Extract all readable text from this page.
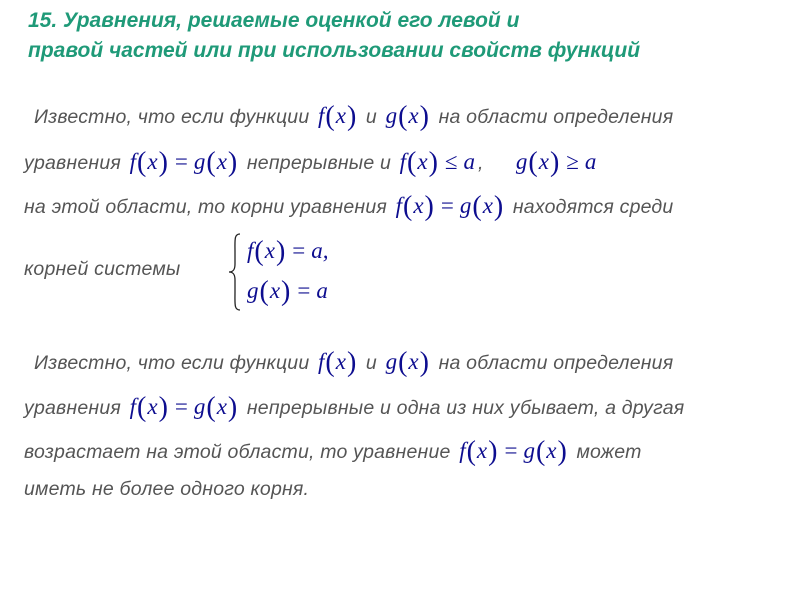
15. Уравнения, решаемые оценкой его левой и
правой частей или при использовании свойств функций
Известно, что если функции f(x) и g(x) на области определения
уравнения f(x) = g(x) непрерывные и f(x) ≤ a , g(x) ≥ a
на этой области, то корни уравнения f(x) = g(x) находятся среди
корней системы
f(x) = a,
g(x) = a
Известно, что если функции f(x) и g(x) на области определения
уравнения f(x) = g(x) непрерывные и одна из них убывает, а другая
возрастает на этой области, то уравнение f(x) = g(x) может
иметь не более одного корня.
